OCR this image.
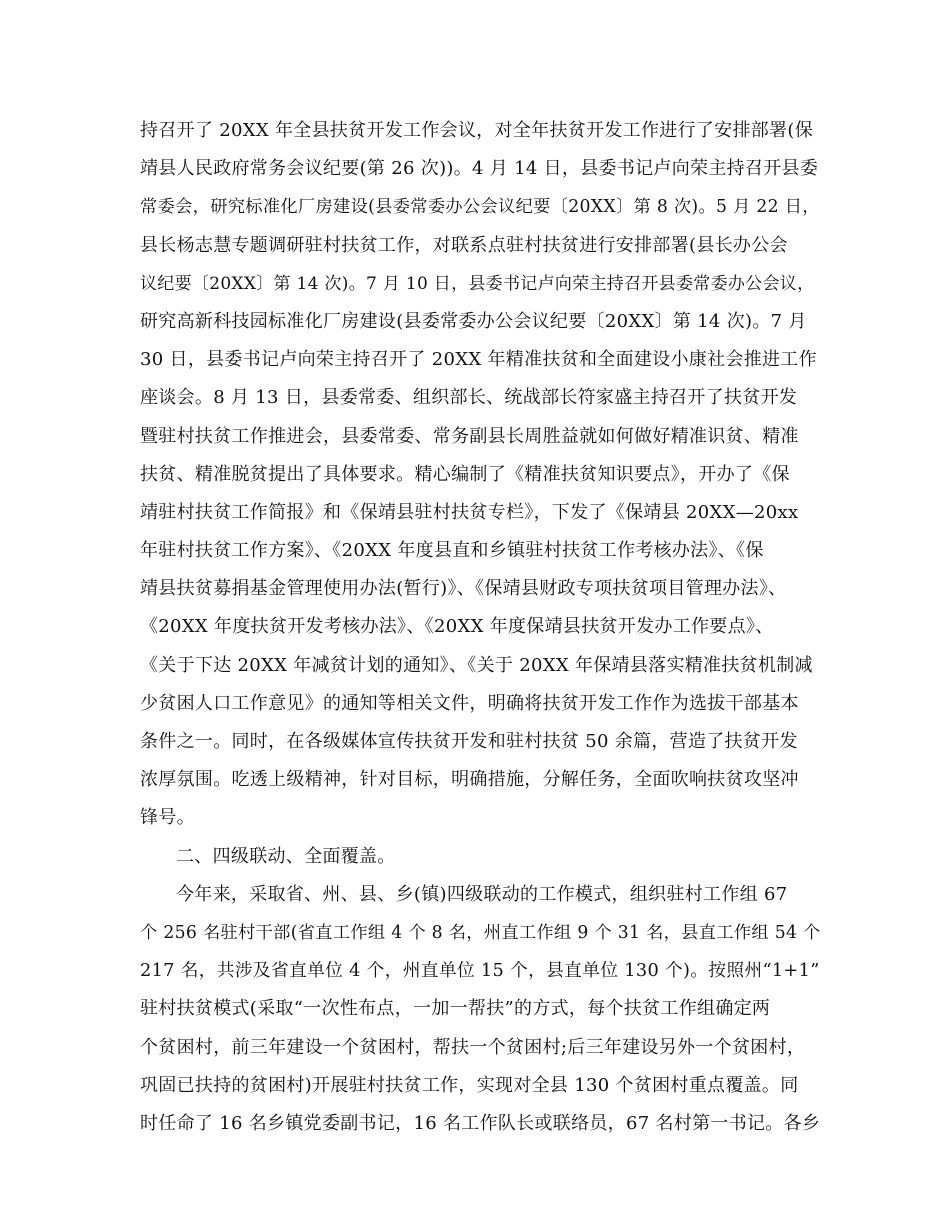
持召开了 20XX 年全县扶贫开发工作会议，对全年扶贫开发工作进行了安排部署(保
靖县人民政府常务会议纪要(第 26 次))。4 月 14 日，县委书记卢向荣主持召开县委
常委会，研究标准化厂房建设(县委常委办公会议纪要〔20XX〕第 8 次)。5 月 22 日，
县长杨志慧专题调研驻村扶贫工作，对联系点驻村扶贫进行安排部署(县长办公会
议纪要〔20XX〕第 14 次)。7 月 10 日，县委书记卢向荣主持召开县委常委办公会议，
研究高新科技园标准化厂房建设(县委常委办公会议纪要〔20XX〕第 14 次)。7 月
30 日，县委书记卢向荣主持召开了 20XX 年精准扶贫和全面建设小康社会推进工作
座谈会。8 月 13 日，县委常委、组织部长、统战部长符家盛主持召开了扶贫开发
暨驻村扶贫工作推进会，县委常委、常务副县长周胜益就如何做好精准识贫、精准
扶贫、精准脱贫提出了具体要求。精心编制了《精准扶贫知识要点》，开办了《保
靖驻村扶贫工作简报》和《保靖县驻村扶贫专栏》，下发了《保靖县 20XX—20xx
年驻村扶贫工作方案》、《20XX 年度县直和乡镇驻村扶贫工作考核办法》、《保
靖县扶贫募捐基金管理使用办法(暂行)》、《保靖县财政专项扶贫项目管理办法》、
《20XX 年度扶贫开发考核办法》、《20XX 年度保靖县扶贫开发办工作要点》、
《关于下达 20XX 年减贫计划的通知》、《关于 20XX 年保靖县落实精准扶贫机制减
少贫困人口工作意见》的通知等相关文件，明确将扶贫开发工作作为选拔干部基本
条件之一。同时，在各级媒体宣传扶贫开发和驻村扶贫 50 余篇，营造了扶贫开发
浓厚氛围。吃透上级精神，针对目标，明确措施，分解任务，全面吹响扶贫攻坚冲
锋号。
二、四级联动、全面覆盖。
今年来，采取省、州、县、乡(镇)四级联动的工作模式，组织驻村工作组 67
个 256 名驻村干部(省直工作组 4 个 8 名，州直工作组 9 个 31 名，县直工作组 54 个
217 名，共涉及省直单位 4 个，州直单位 15 个，县直单位 130 个)。按照州“1+1”
驻村扶贫模式(采取“一次性布点，一加一帮扶”的方式，每个扶贫工作组确定两
个贫困村，前三年建设一个贫困村，帮扶一个贫困村;后三年建设另外一个贫困村，
巩固已扶持的贫困村)开展驻村扶贫工作，实现对全县 130 个贫困村重点覆盖。同
时任命了 16 名乡镇党委副书记，16 名工作队长或联络员，67 名村第一书记。各乡
